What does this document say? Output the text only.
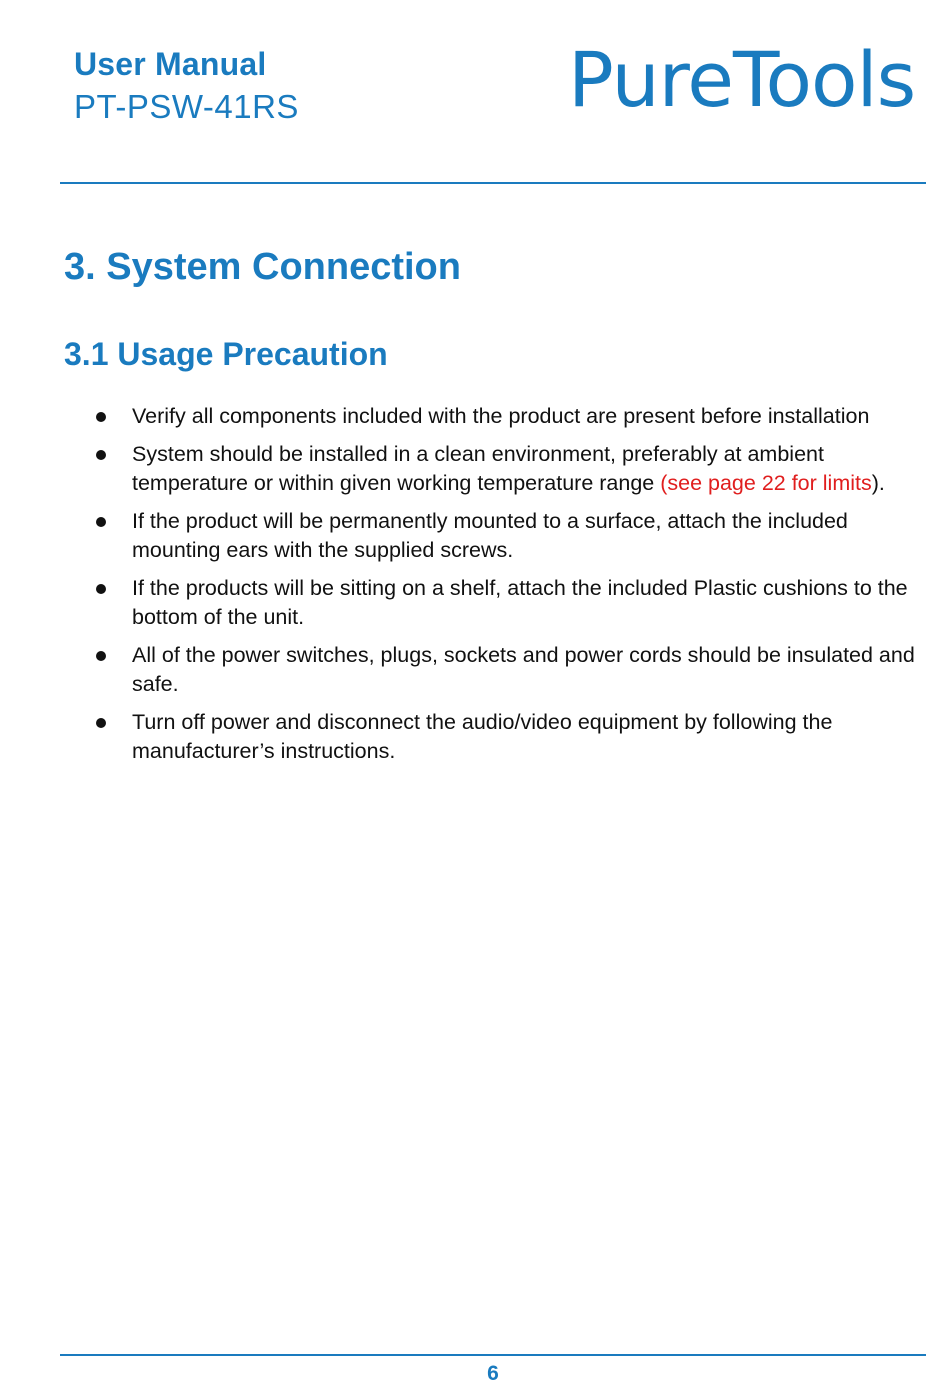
User Manual
PT-PSW-41RS	PureTools
3. System Connection
3.1 Usage Precaution
Verify all components included with the product are present before installation
System should be installed in a clean environment, preferably at ambient temperature or within given working temperature range (see page 22 for limits).
If the product will be permanently mounted to a surface, attach the included mounting ears with the supplied screws.
If the products will be sitting on a shelf, attach the included Plastic cushions to the bottom of the unit.
All of the power switches, plugs, sockets and power cords should be insulated and safe.
Turn off power and disconnect the audio/video equipment by following the manufacturer’s instructions.
6
